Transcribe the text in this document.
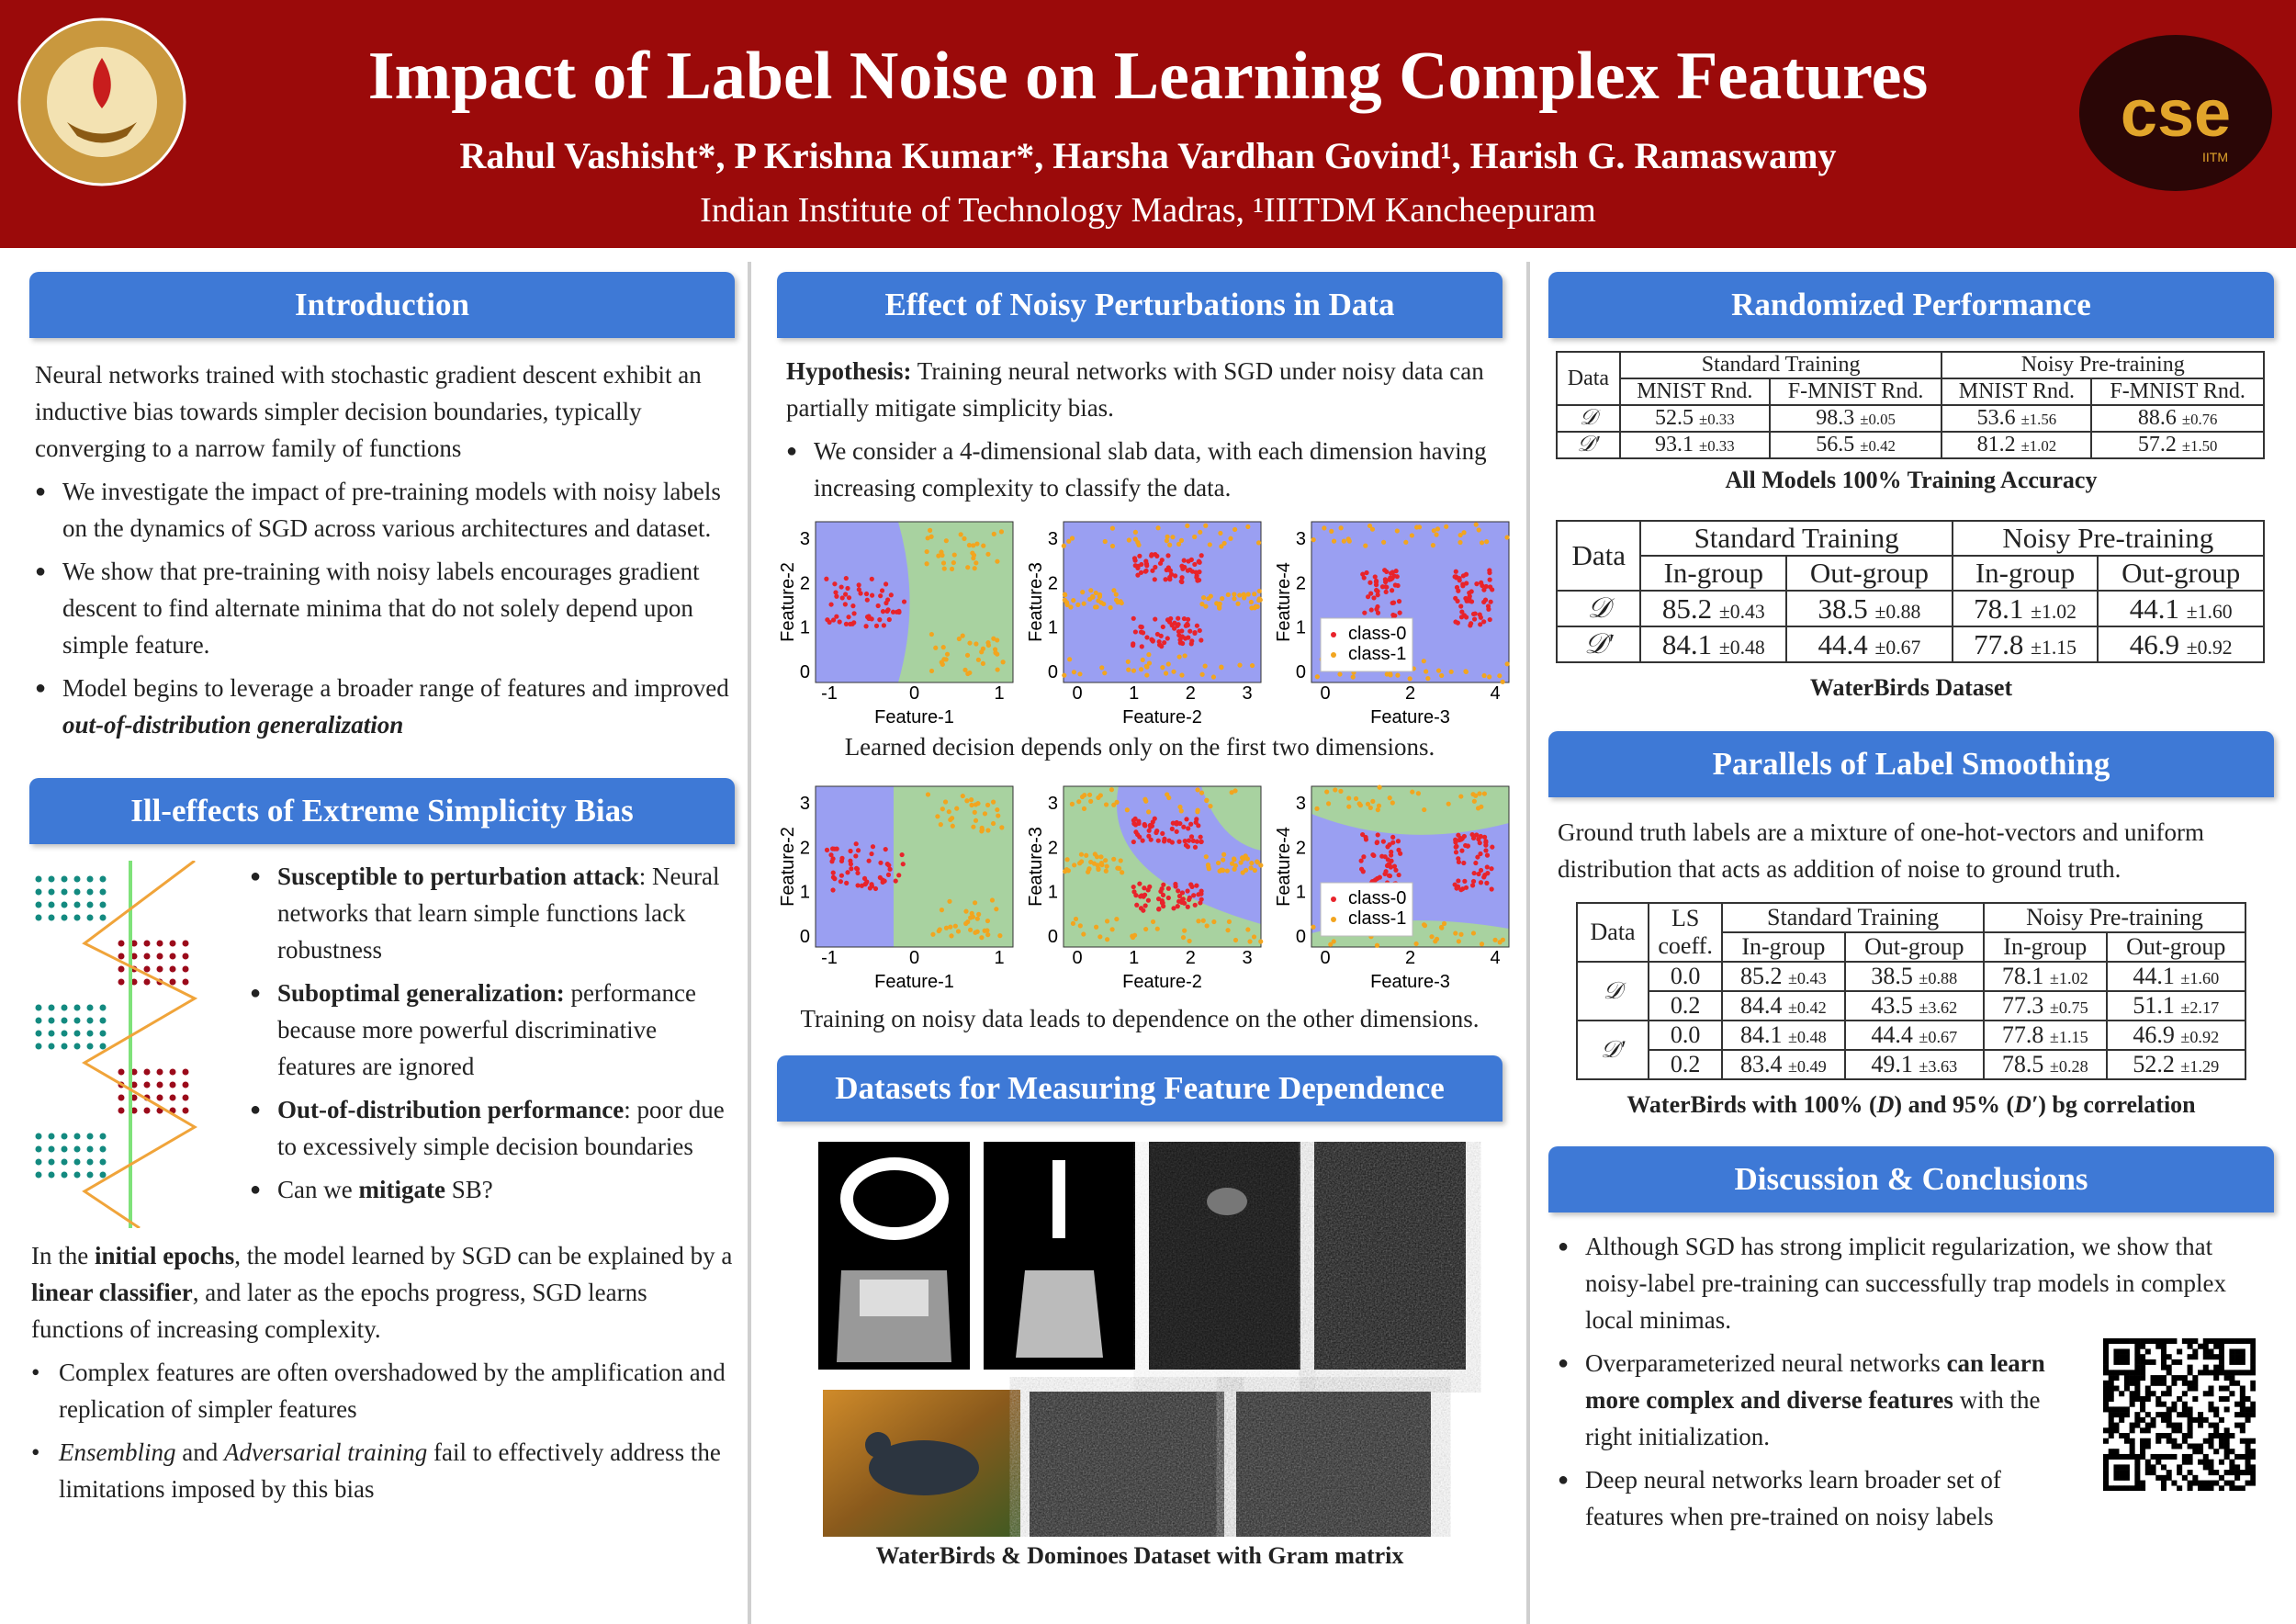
Impact of Label Noise on Learning Complex Features
Rahul Vashisht*, P Krishna Kumar*, Harsha Vardhan Govind¹, Harish G. Ramaswamy
Indian Institute of Technology Madras, ¹IIITDM Kancheepuram
cse
IITM
Introduction
Neural networks trained with stochastic gradient descent exhibit an inductive bias towards simpler decision boundaries, typically converging to a narrow family of functions
● We investigate the impact of pre-training models with noisy labels on the dynamics of SGD across various architectures and dataset.
● We show that pre-training with noisy labels encourages gradient descent to find alternate minima that do not solely depend upon simple feature.
● Model begins to leverage a broader range of features and improved out-of-distribution generalization
Ill-effects of Extreme Simplicity Bias
● Susceptible to perturbation attack: Neural networks that learn simple functions lack robustness
● Suboptimal generalization: performance because more powerful discriminative features are ignored
● Out-of-distribution performance: poor due to excessively simple decision boundaries
● Can we mitigate SB?
In the initial epochs, the model learned by SGD can be explained by a linear classifier, and later as the epochs progress, SGD learns functions of increasing complexity.
• Complex features are often overshadowed by the amplification and replication of simpler features
• Ensembling and Adversarial training fail to effectively address the limitations imposed by this bias
Effect of Noisy Perturbations in Data
Hypothesis: Training neural networks with SGD under noisy data can partially mitigate simplicity bias.
● We consider a 4-dimensional slab data, with each dimension having increasing complexity to classify the data.
-1	0	1
0
1
2
3
Feature-1
Feature-2
0	1	2	3
0
1
2
3
Feature-2
Feature-3
0	2	4
0
1
2
3
Feature-3
Feature-4	class-0
class-1
Learned decision depends only on the first two dimensions.
-1	0	1
0
1
2
3
Feature-1
Feature-2
0	1	2	3
0
1
2
3
Feature-2
Feature-3
0	2	4
0
1
2
3
Feature-3
Feature-4	class-0
class-1
Training on noisy data leads to dependence on the other dimensions.
Datasets for Measuring Feature Dependence
WaterBirds & Dominoes Dataset with Gram matrix
Randomized Performance
Data	Standard Training		Noisy Pre-training	
	MNIST Rnd.	F-MNIST Rnd.	MNIST Rnd.	F-MNIST Rnd.
𝒟	52.5 ±0.33	98.3 ±0.05	53.6 ±1.56	88.6 ±0.76
𝒟′	93.1 ±0.33	56.5 ±0.42	81.2 ±1.02	57.2 ±1.50
All Models 100% Training Accuracy
Data	Standard Training		Noisy Pre-training	
	In-group	Out-group	In-group	Out-group
𝒟	85.2 ±0.43	38.5 ±0.88	78.1 ±1.02	44.1 ±1.60
𝒟′	84.1 ±0.48	44.4 ±0.67	77.8 ±1.15	46.9 ±0.92
WaterBirds Dataset
Parallels of Label Smoothing
Ground truth labels are a mixture of one-hot-vectors and uniform distribution that acts as addition of noise to ground truth.
Data	LS coeff.	Standard Training		Noisy Pre-training	
		In-group	Out-group	In-group	Out-group
𝒟	0.0	85.2 ±0.43	38.5 ±0.88	78.1 ±1.02	44.1 ±1.60
	0.2	84.4 ±0.42	43.5 ±3.62	77.3 ±0.75	51.1 ±2.17
𝒟′	0.0	84.1 ±0.48	44.4 ±0.67	77.8 ±1.15	46.9 ±0.92
	0.2	83.4 ±0.49	49.1 ±3.63	78.5 ±0.28	52.2 ±1.29
WaterBirds with 100% (D) and 95% (D′) bg correlation
Discussion & Conclusions
● Although SGD has strong implicit regularization, we show that noisy-label pre-training can successfully trap models in complex local minimas.
● Overparameterized neural networks can learn more complex and diverse features with the right initialization.
● Deep neural networks learn broader set of features when pre-trained on noisy labels
